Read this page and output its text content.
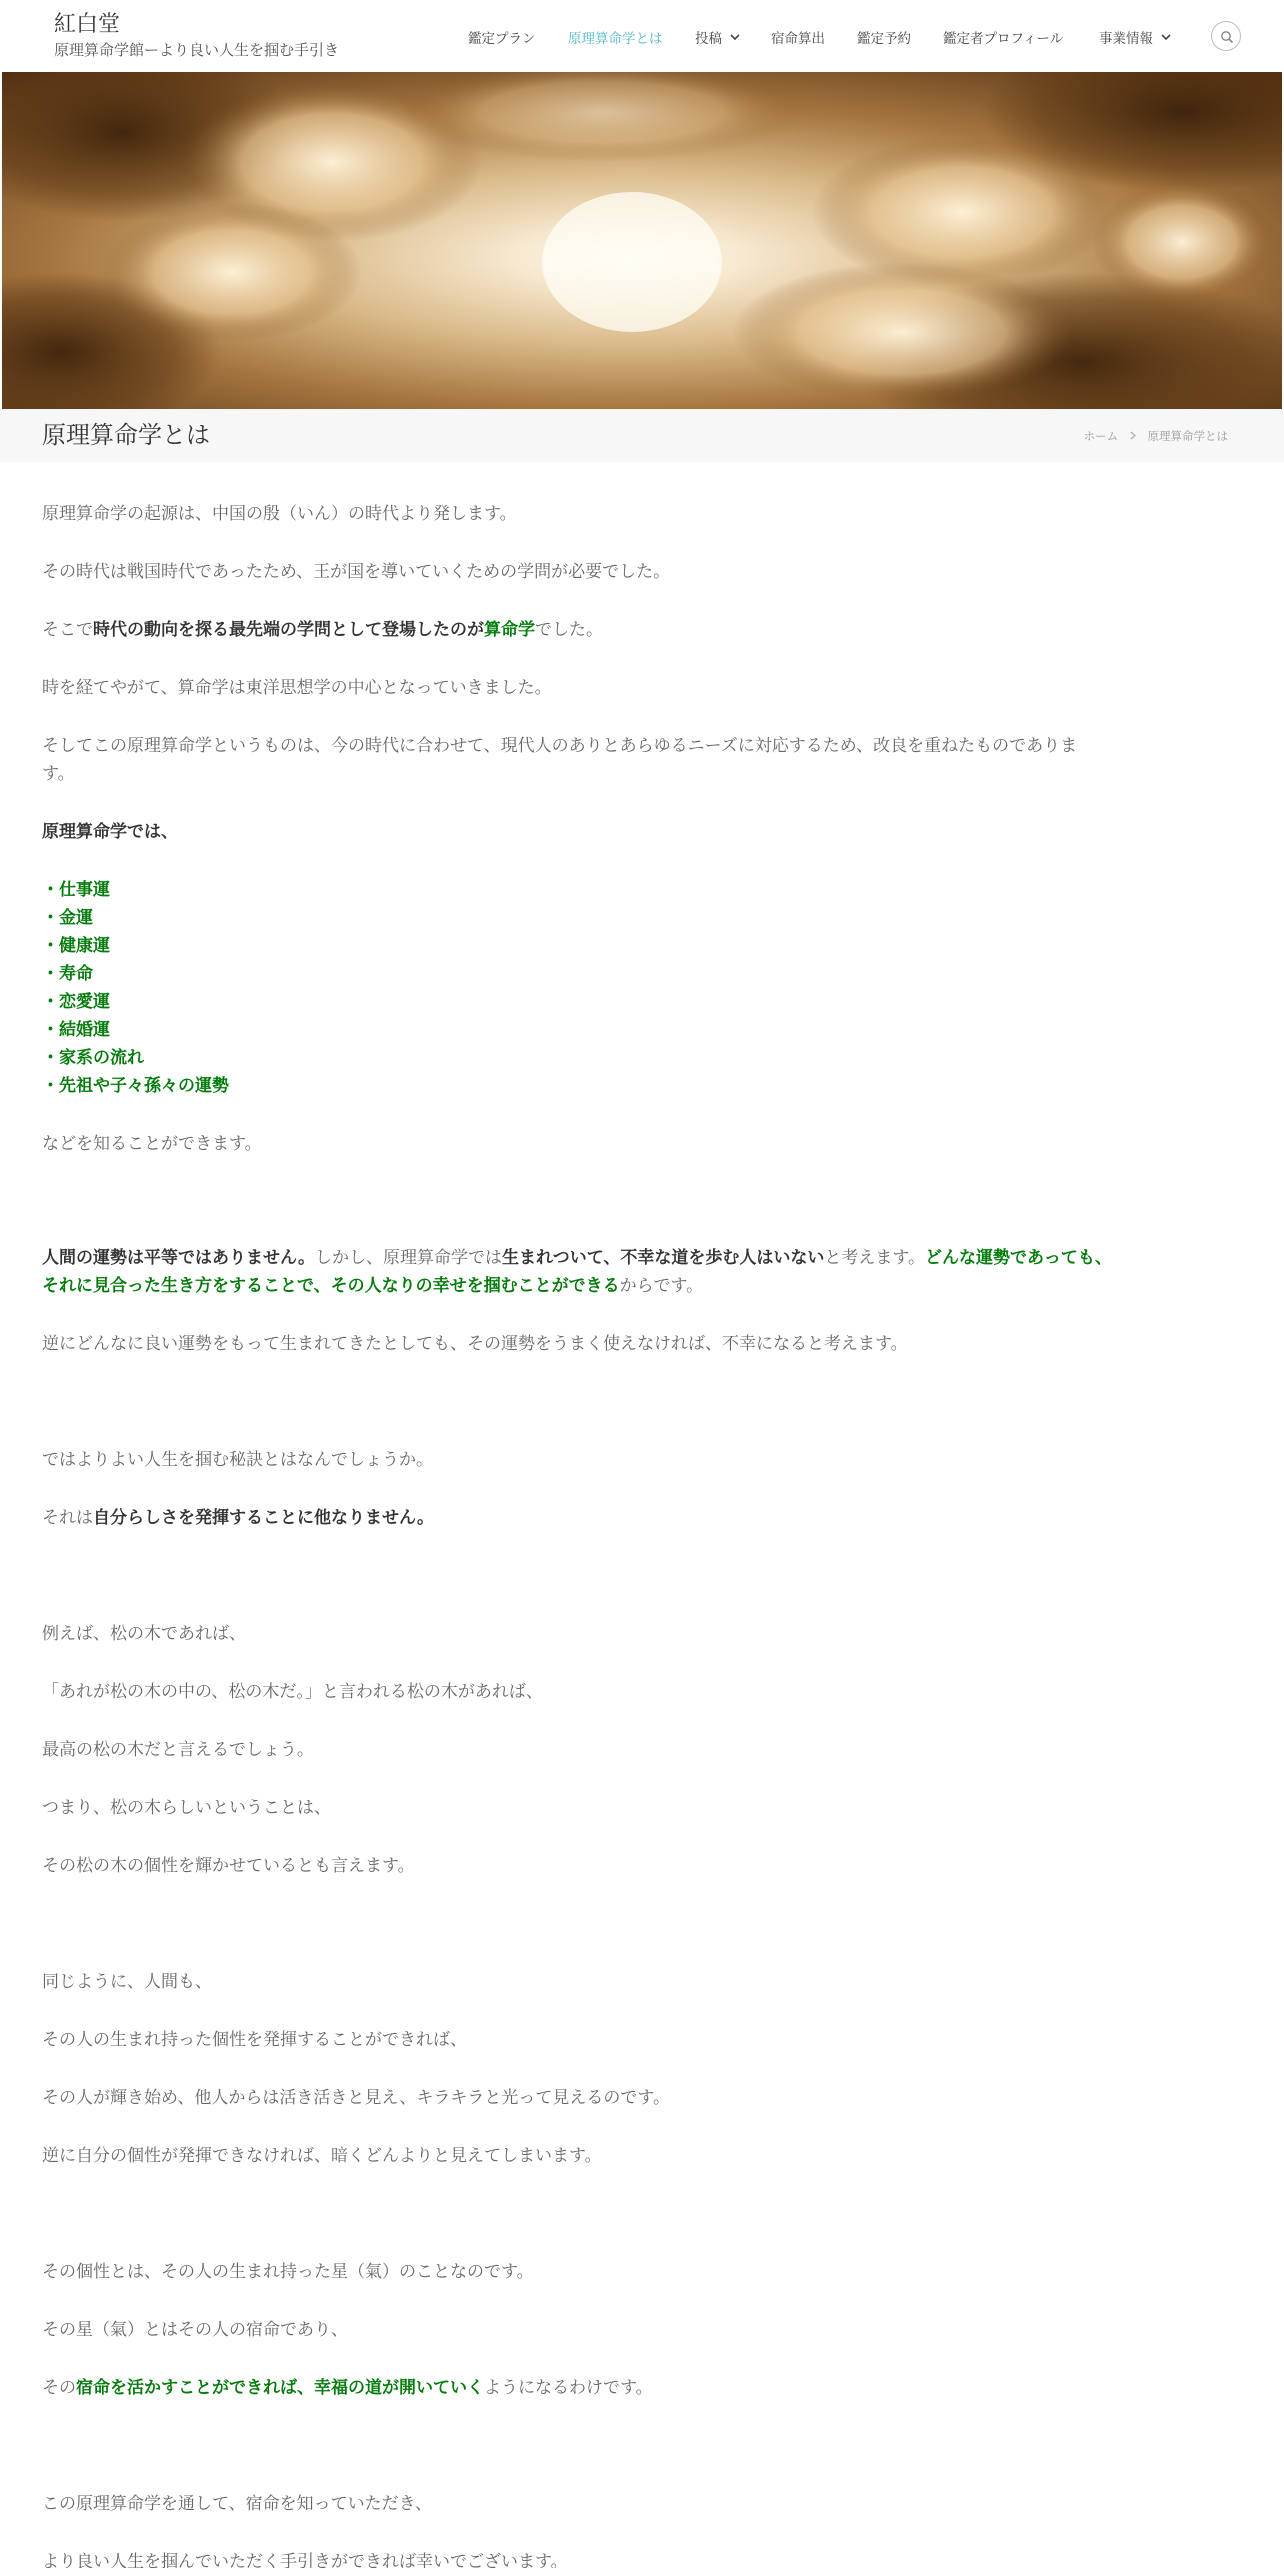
紅白堂
原理算命学館ーより良い人生を掴む手引き
鑑定プラン 原理算命学とは 投稿	宿命算出 鑑定予約 鑑定者プロフィール	事業情報
原理算命学とは	ホーム	原理算命学とは
原理算命学の起源は、中国の殷（いん）の時代より発します。
その時代は戦国時代であったため、王が国を導いていくための学問が必要でした。
そこで時代の動向を探る最先端の学問として登場したのが算命学でした。
時を経てやがて、算命学は東洋思想学の中心となっていきました。
そしてこの原理算命学というものは、今の時代に合わせて、現代人のありとあらゆるニーズに対応するため、改良を重ねたものでありま
す。
原理算命学では、
・仕事運
・金運
・健康運
・寿命
・恋愛運
・結婚運
・家系の流れ
・先祖や子々孫々の運勢
などを知ることができます。
人間の運勢は平等ではありません。しかし、原理算命学では生まれついて、不幸な道を歩む人はいないと考えます。どんな運勢であっても、
それに見合った生き方をすることで、その人なりの幸せを掴むことができるからです。
逆にどんなに良い運勢をもって生まれてきたとしても、その運勢をうまく使えなければ、不幸になると考えます。
ではよりよい人生を掴む秘訣とはなんでしょうか。
それは自分らしさを発揮することに他なりません。
例えば、松の木であれば、
「あれが松の木の中の、松の木だ。」と言われる松の木があれば、
最高の松の木だと言えるでしょう。
つまり、松の木らしいということは、
その松の木の個性を輝かせているとも言えます。
同じように、人間も、
その人の生まれ持った個性を発揮することができれば、
その人が輝き始め、他人からは活き活きと見え、キラキラと光って見えるのです。
逆に自分の個性が発揮できなければ、暗くどんよりと見えてしまいます。
その個性とは、その人の生まれ持った星（氣）のことなのです。
その星（氣）とはその人の宿命であり、
その宿命を活かすことができれば、幸福の道が開いていくようになるわけです。
この原理算命学を通して、宿命を知っていただき、
より良い人生を掴んでいただく手引きができれば幸いでございます。
